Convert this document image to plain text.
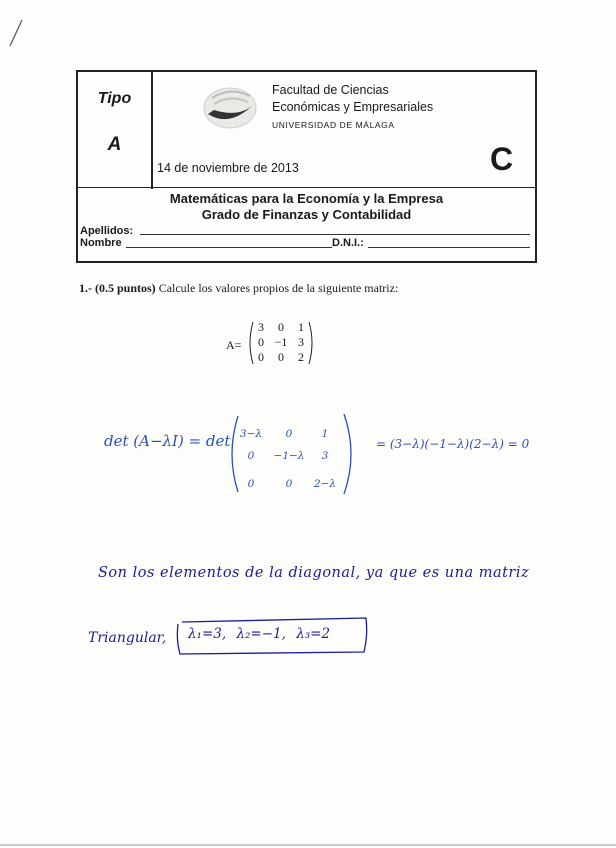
Tipo
A
Facultad de Ciencias
Económicas y Empresariales
UNIVERSIDAD DE MÁLAGA
14 de noviembre de 2013	C
Matemáticas para la Economía y la Empresa
Grado de Finanzas y Contabilidad
Apellidos:
Nombre	D.N.I.:
1.- (0.5 puntos) Calcule los valores propios de la siguiente matriz:
A=
3	0	1
0 −1 3
0	0	2
det (A−λI) = det 3−λ	0	1
0	−1−λ	3
0	0	2−λ
= (3−λ)(−1−λ)(2−λ) = 0
Son los elementos de la diagonal, ya que es una matriz
Triangular, λ₁=3, λ₂=−1, λ₃=2
